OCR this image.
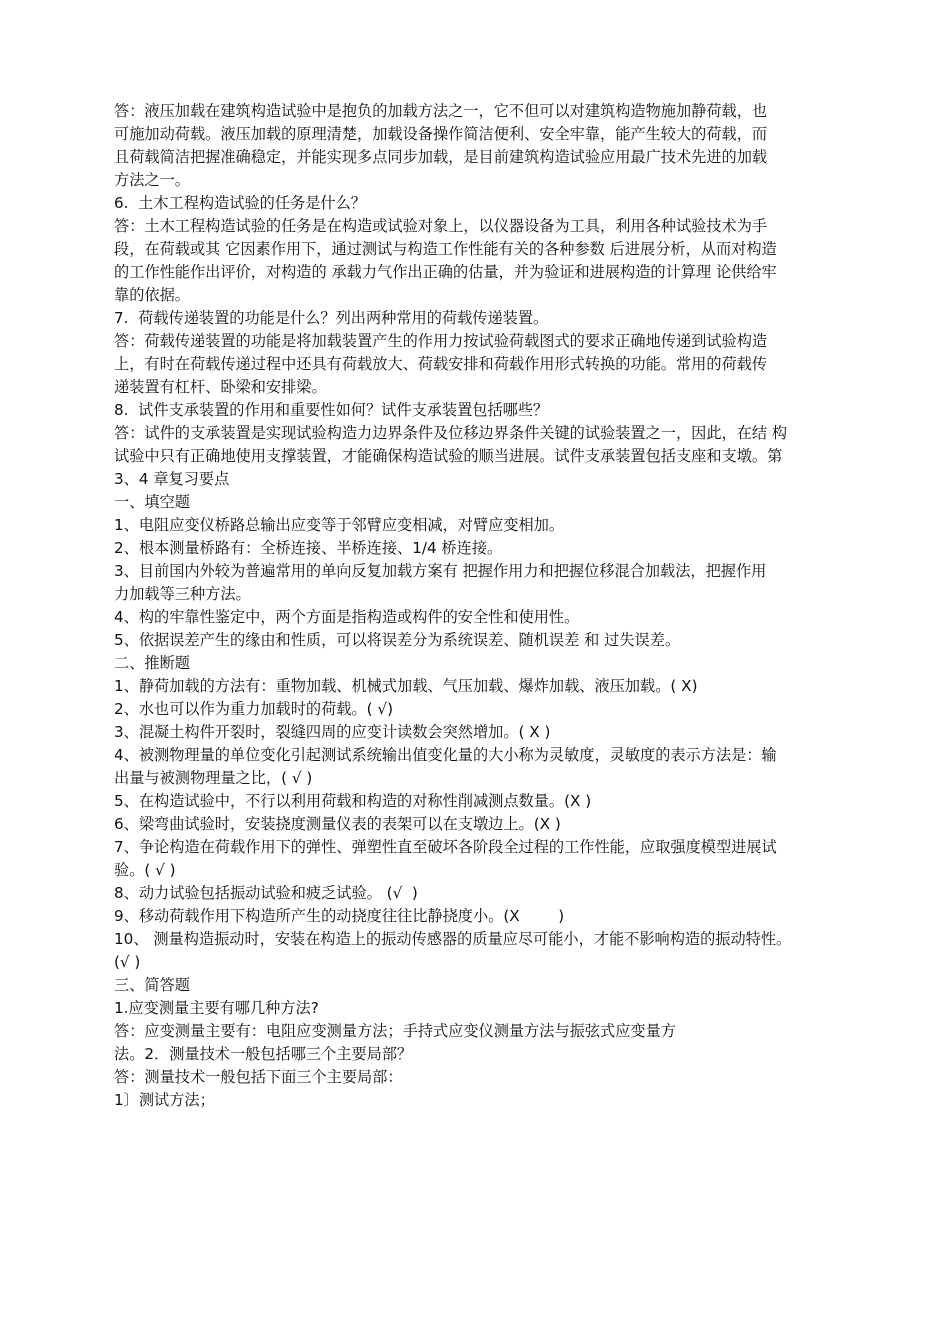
答：液压加载在建筑构造试验中是抱负的加载方法之一，它不但可以对建筑构造物施加静荷载，也

可施加动荷载。液压加载的原理清楚，加载设备操作简洁便利、安全牢靠，能产生较大的荷载，而

且荷载简洁把握准确稳定，并能实现多点同步加载，是目前建筑构造试验应用最广技术先进的加载

方法之一。

6.  土木工程构造试验的任务是什么？

答：土木工程构造试验的任务是在构造或试验对象上，以仪器设备为工具，利用各种试验技术为手

段，在荷载或其 它因素作用下，通过测试与构造工作性能有关的各种参数 后进展分析，从而对构造

的工作性能作出评价，对构造的 承载力气作出正确的估量，并为验证和进展构造的计算理 论供给牢

靠的依据。

7.  荷载传递装置的功能是什么？列出两种常用的荷载传递装置。

答：荷载传递装置的功能是将加载装置产生的作用力按试验荷载图式的要求正确地传递到试验构造

上，有时在荷载传递过程中还具有荷载放大、荷载安排和荷载作用形式转换的功能。常用的荷载传

递装置有杠杆、卧梁和安排梁。

8.  试件支承装置的作用和重要性如何？试件支承装置包括哪些？

答：试件的支承装置是实现试验构造力边界条件及位移边界条件关键的试验装置之一，因此，在结 构

试验中只有正确地使用支撑装置，才能确保构造试验的顺当进展。试件支承装置包括支座和支墩。第

3、4 章复习要点

一、填空题

1、电阻应变仪桥路总输出应变等于邻臂应变相减，对臂应变相加。

2、根本测量桥路有：全桥连接、半桥连接、1/4 桥连接。

3、目前国内外较为普遍常用的单向反复加载方案有 把握作用力和把握位移混合加载法，把握作用

力加载等三种方法。

4、构的牢靠性鉴定中，两个方面是指构造或构件的安全性和使用性。

5、依据误差产生的缘由和性质，可以将误差分为系统误差、随机误差 和 过失误差。

二、推断题

1、静荷加载的方法有：重物加载、机械式加载、气压加载、爆炸加载、液压加载。( X)

2、水也可以作为重力加载时的荷载。( √)

3、混凝土构件开裂时，裂缝四周的应变计读数会突然增加。( X )

4、被测物理量的单位变化引起测试系统输出值变化量的大小称为灵敏度，灵敏度的表示方法是：输

出量与被测物理量之比，( √ )

5、在构造试验中，不行以利用荷载和构造的对称性削减测点数量。(X )

6、梁弯曲试验时，安装挠度测量仪表的表架可以在支墩边上。(X )

7、争论构造在荷载作用下的弹性、弹塑性直至破坏各阶段全过程的工作性能，应取强度模型进展试

验。( √ )

8、动力试验包括振动试验和疲乏试验。 (√  )

9、移动荷载作用下构造所产生的动挠度往往比静挠度小。(X        )

10、 测量构造振动时，安装在构造上的振动传感器的质量应尽可能小，才能不影响构造的振动特性。

(√ )

三、简答题

1.应变测量主要有哪几种方法?

答：应变测量主要有：电阻应变测量方法；手持式应变仪测量方法与振弦式应变量方

法。2．测量技术一般包括哪三个主要局部？

答：测量技术一般包括下面三个主要局部：

1〕测试方法；
